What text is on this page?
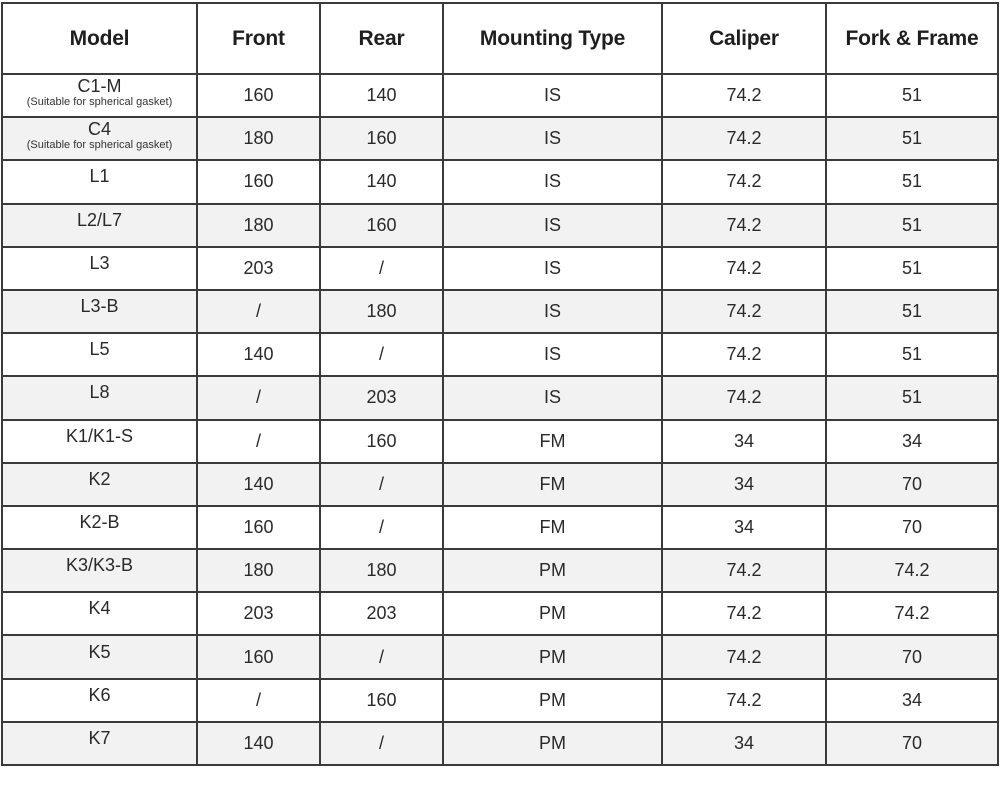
Model	Front	Rear	Mounting Type	Caliper	Fork & Frame

C1-M
(Suitable for spherical gasket)	160	140	IS	74.2	51

C4
(Suitable for spherical gasket)	180	160	IS	74.2	51
L1	160	140	IS	74.2	51
L2/L7	180	160	IS	74.2	51
L3	203	/	IS	74.2	51
L3-B	/	180	IS	74.2	51
L5	140	/	IS	74.2	51
L8	/	203	IS	74.2	51
K1/K1-S	/	160	FM	34	34
K2	140	/	FM	34	70
K2-B	160	/	FM	34	70
K3/K3-B	180	180	PM	74.2	74.2
K4	203	203	PM	74.2	74.2
K5	160	/	PM	74.2	70
K6	/	160	PM	74.2	34
K7	140	/	PM	34	70
